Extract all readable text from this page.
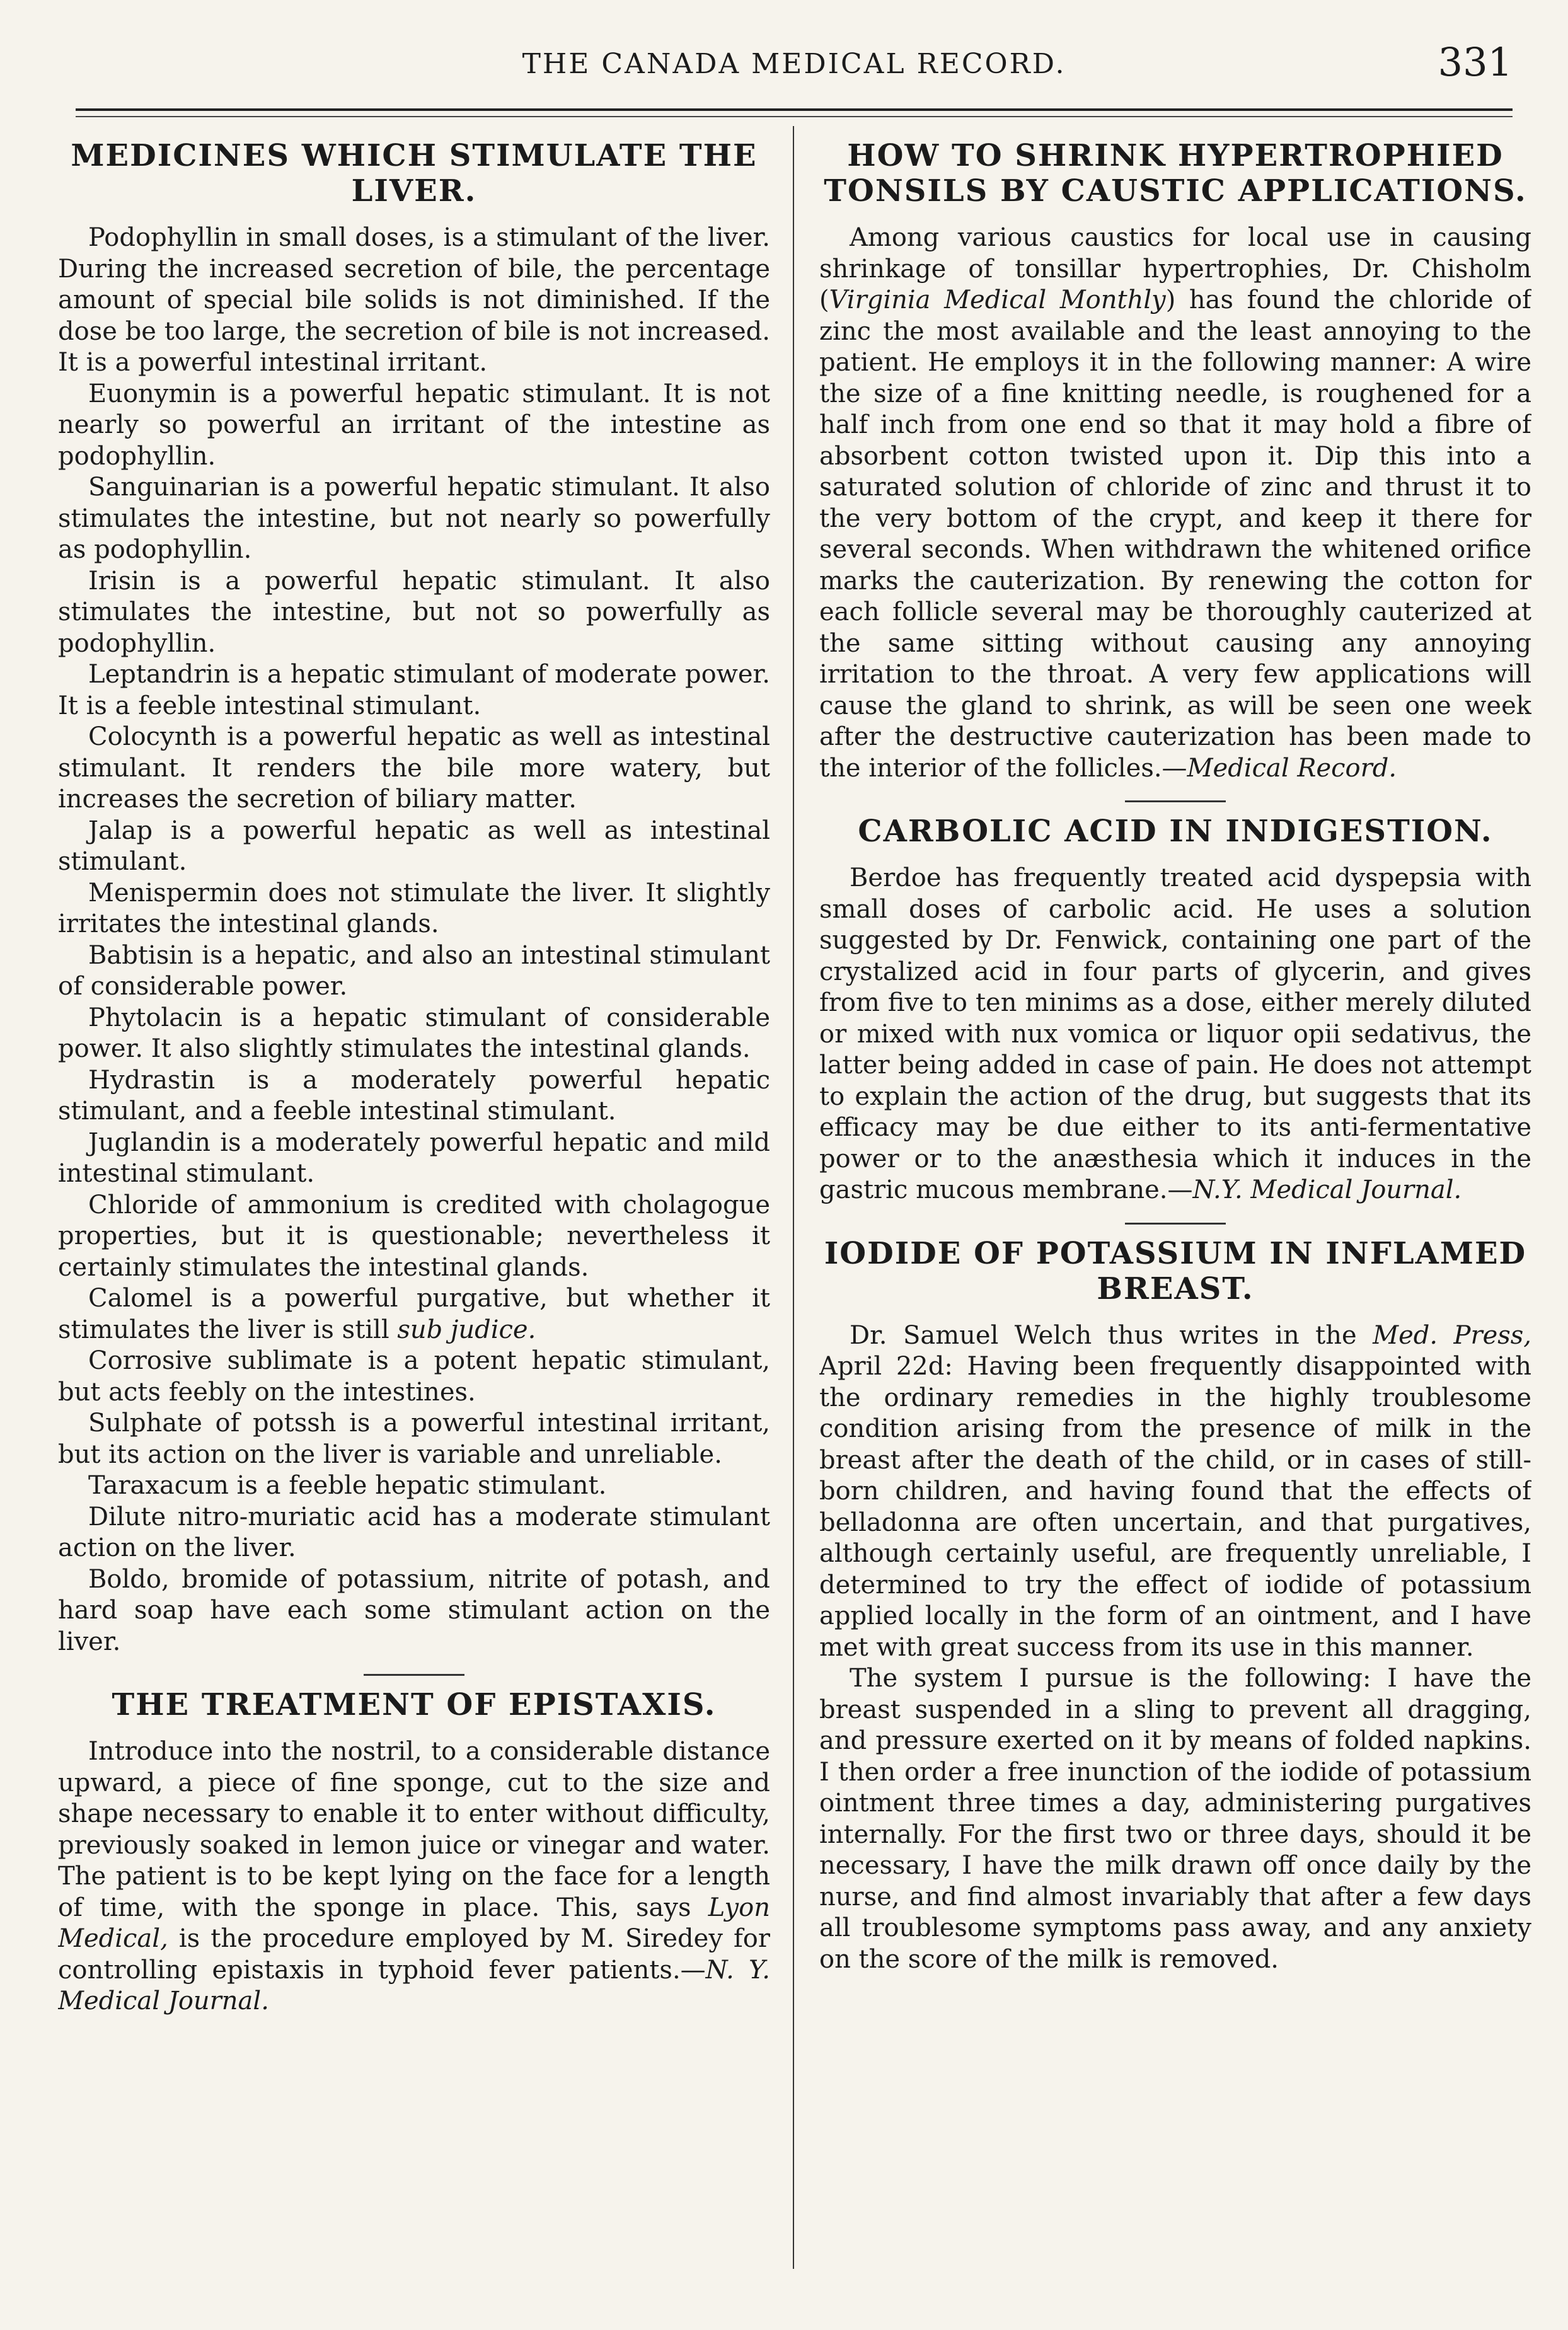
THE CANADA MEDICAL RECORD.	331
MEDICINES WHICH STIMULATE THE LIVER.

Podophyllin in small doses, is a stimulant of the liver. During the increased secretion of bile, the percentage amount of special bile solids is not diminished. If the dose be too large, the secretion of bile is not increased. It is a powerful intestinal irritant.

Euonymin is a powerful hepatic stimulant. It is not nearly so powerful an irritant of the intestine as podophyllin.

Sanguinarian is a powerful hepatic stimulant. It also stimulates the intestine, but not nearly so powerfully as podophyllin.

Irisin is a powerful hepatic stimulant. It also stimulates the intestine, but not so powerfully as podophyllin.

Leptandrin is a hepatic stimulant of moderate power. It is a feeble intestinal stimulant.

Colocynth is a powerful hepatic as well as intestinal stimulant. It renders the bile more watery, but increases the secretion of biliary matter.

Jalap is a powerful hepatic as well as intestinal stimulant.

Menispermin does not stimulate the liver. It slightly irritates the intestinal glands.

Babtisin is a hepatic, and also an intestinal stimulant of considerable power.

Phytolacin is a hepatic stimulant of considerable power. It also slightly stimulates the intestinal glands.

Hydrastin is a moderately powerful hepatic stimulant, and a feeble intestinal stimulant.

Juglandin is a moderately powerful hepatic and mild intestinal stimulant.

Chloride of ammonium is credited with cholagogue properties, but it is questionable; nevertheless it certainly stimulates the intestinal glands.

Calomel is a powerful purgative, but whether it stimulates the liver is still sub judice.

Corrosive sublimate is a potent hepatic stimulant, but acts feebly on the intestines.

Sulphate of potssh is a powerful intestinal irritant, but its action on the liver is variable and unreliable.

Taraxacum is a feeble hepatic stimulant.

Dilute nitro-muriatic acid has a moderate stimulant action on the liver.

Boldo, bromide of potassium, nitrite of potash, and hard soap have each some stimulant action on the liver.

THE TREATMENT OF EPISTAXIS.

Introduce into the nostril, to a considerable distance upward, a piece of fine sponge, cut to the size and shape necessary to enable it to enter without difficulty, previously soaked in lemon juice or vinegar and water. The patient is to be kept lying on the face for a length of time, with the sponge in place. This, says Lyon Medical, is the procedure employed by M. Siredey for controlling epistaxis in typhoid fever patients.—N. Y. Medical Journal.

HOW TO SHRINK HYPERTROPHIED TONSILS BY CAUSTIC APPLICATIONS.

Among various caustics for local use in causing shrinkage of tonsillar hypertrophies, Dr. Chisholm (Virginia Medical Monthly) has found the chloride of zinc the most available and the least annoying to the patient. He employs it in the following manner: A wire the size of a fine knitting needle, is roughened for a half inch from one end so that it may hold a fibre of absorbent cotton twisted upon it. Dip this into a saturated solution of chloride of zinc and thrust it to the very bottom of the crypt, and keep it there for several seconds. When withdrawn the whitened orifice marks the cauterization. By renewing the cotton for each follicle several may be thoroughly cauterized at the same sitting without causing any annoying irritation to the throat. A very few applications will cause the gland to shrink, as will be seen one week after the destructive cauterization has been made to the interior of the follicles.—Medical Record.

CARBOLIC ACID IN INDIGESTION.

Berdoe has frequently treated acid dyspepsia with small doses of carbolic acid. He uses a solution suggested by Dr. Fenwick, containing one part of the crystalized acid in four parts of glycerin, and gives from five to ten minims as a dose, either merely diluted or mixed with nux vomica or liquor opii sedativus, the latter being added in case of pain. He does not attempt to explain the action of the drug, but suggests that its efficacy may be due either to its anti-fermentative power or to the anæsthesia which it induces in the gastric mucous membrane.—N.Y. Medical Journal.

IODIDE OF POTASSIUM IN INFLAMED BREAST.

Dr. Samuel Welch thus writes in the Med. Press, April 22d: Having been frequently disappointed with the ordinary remedies in the highly troublesome condition arising from the presence of milk in the breast after the death of the child, or in cases of still-born children, and having found that the effects of belladonna are often uncertain, and that purgatives, although certainly useful, are frequently unreliable, I determined to try the effect of iodide of potassium applied locally in the form of an ointment, and I have met with great success from its use in this manner.

The system I pursue is the following: I have the breast suspended in a sling to prevent all dragging, and pressure exerted on it by means of folded napkins. I then order a free inunction of the iodide of potassium ointment three times a day, administering purgatives internally. For the first two or three days, should it be necessary, I have the milk drawn off once daily by the nurse, and find almost invariably that after a few days all troublesome symptoms pass away, and any anxiety on the score of the milk is removed.
